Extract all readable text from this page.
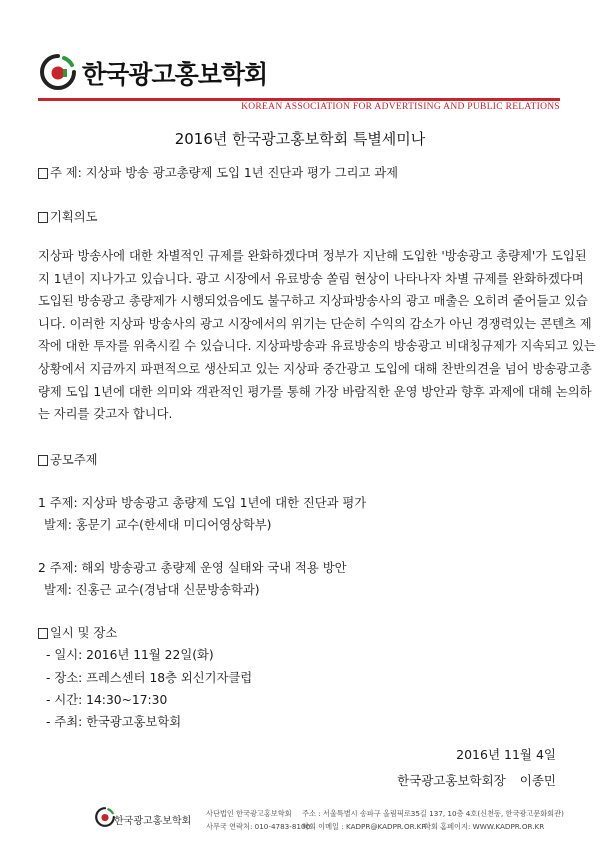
한국광고홍보학회
KOREAN ASSOCIATION FOR ADVERTISING AND PUBLIC RELATIONS
2016년 한국광고홍보학회 특별세미나
주 제: 지상파 방송 광고총량제 도입 1년 진단과 평가 그리고 과제
기획의도
지상파 방송사에 대한 차별적인 규제를 완화하겠다며 정부가 지난해 도입한 '방송광고 총량제'가 도입된
지 1년이 지나가고 있습니다. 광고 시장에서 유료방송 쏠림 현상이 나타나자 차별 규제를 완화하겠다며
도입된 방송광고 총량제가 시행되었음에도 불구하고 지상파방송사의 광고 매출은 오히려 줄어들고 있습
니다. 이러한 지상파 방송사의 광고 시장에서의 위기는 단순히 수익의 감소가 아닌 경쟁력있는 콘텐츠 제
작에 대한 투자를 위축시킬 수 있습니다. 지상파방송과 유료방송의 방송광고 비대칭규제가 지속되고 있는
상황에서 지금까지 파편적으로 생산되고 있는 지상파 중간광고 도입에 대해 찬반의견을 넘어 방송광고총
량제 도입 1년에 대한 의미와 객관적인 평가를 통해 가장 바람직한 운영 방안과 향후 과제에 대해 논의하
는 자리를 갖고자 합니다.
공모주제
1 주제: 지상파 방송광고 총량제 도입 1년에 대한 진단과 평가
발제: 홍문기 교수(한세대 미디어영상학부)
2 주제: 해외 방송광고 총량제 운영 실태와 국내 적용 방안
발제: 진홍근 교수(경남대 신문방송학과)
일시 및 장소
- 일시: 2016년 11월 22일(화)
- 장소: 프레스센터 18층 외신기자클럽
- 시간: 14:30~17:30
- 주최: 한국광고홍보학회
2016년 11월 4일
한국광고홍보학회장 이종민
한국광고홍보학회
사단법인 한국광고홍보학회 주소 : 서울특별시 송파구 올림픽로35길 137, 10층 4호(신천동, 한국광고문화회관)
사무국 연락처: 010-4783-8100
학회 이메일 : KADPR@KADPR.OR.KR
학회 홈페이지: WWW.KADPR.OR.KR
